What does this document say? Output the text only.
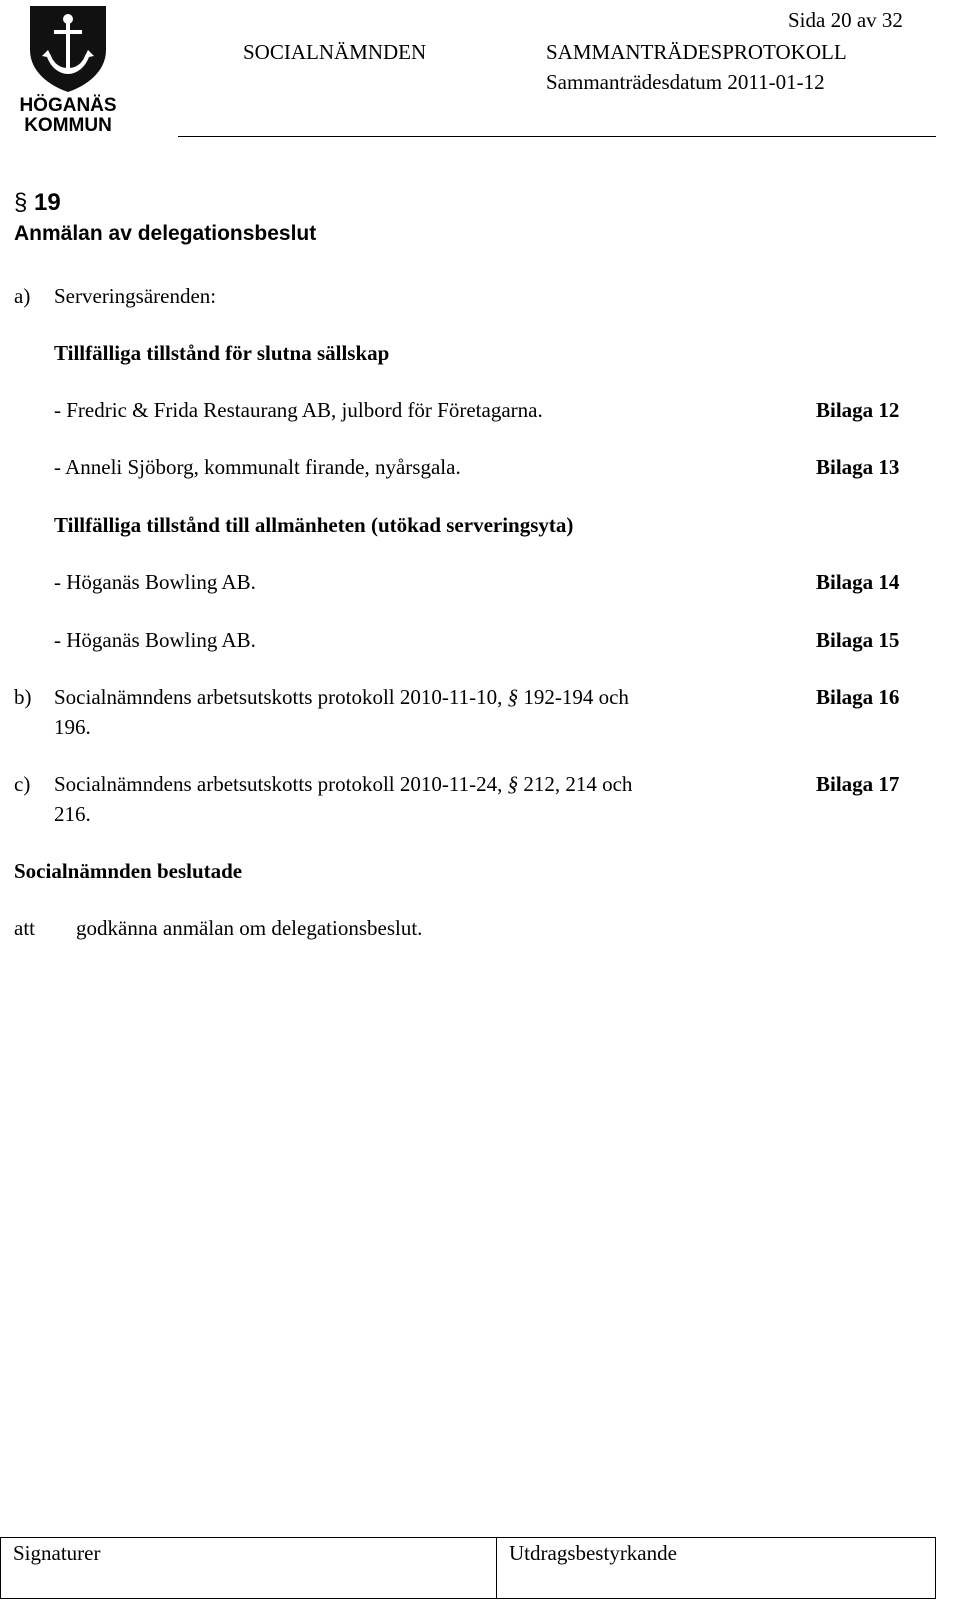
HÖGANÄS
KOMMUN
Sida 20 av 32
SOCIALNÄMNDEN	SAMMANTRÄDESPROTOKOLL
Sammanträdesdatum 2011-01-12
§ 19
Anmälan av delegationsbeslut
a) Serveringsärenden:
Tillfälliga tillstånd för slutna sällskap
- Fredric & Frida Restaurang AB, julbord för Företagarna.	Bilaga 12
- Anneli Sjöborg, kommunalt firande, nyårsgala.	Bilaga 13
Tillfälliga tillstånd till allmänheten (utökad serveringsyta)
- Höganäs Bowling AB.	Bilaga 14
- Höganäs Bowling AB.	Bilaga 15
b) Socialnämndens arbetsutskotts protokoll 2010-11-10, § 192-194 och
196.
Bilaga 16
c) Socialnämndens arbetsutskotts protokoll 2010-11-24, § 212, 214 och
216.
Bilaga 17
Socialnämnden beslutade
att godkänna anmälan om delegationsbeslut.
Signaturer	Utdragsbestyrkande
